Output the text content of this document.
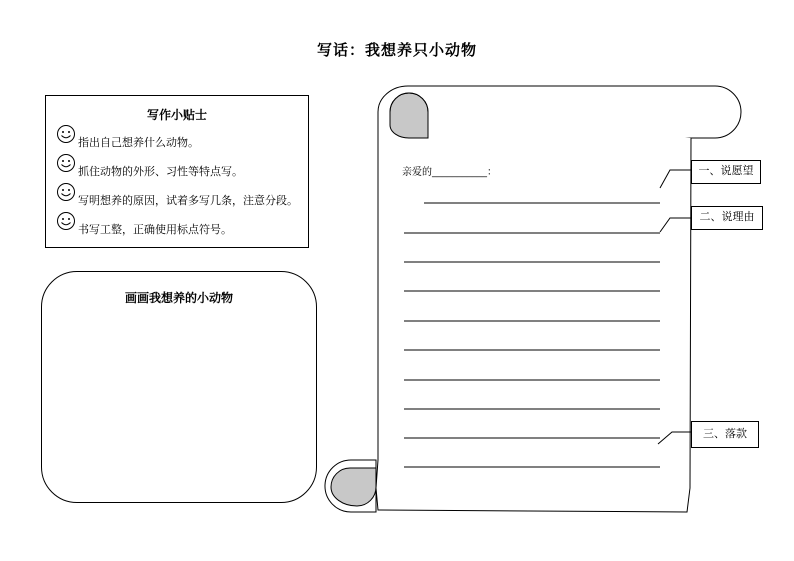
写话：我想养只小动物
写作小贴士
指出自己想养什么动物。
抓住动物的外形、习性等特点写。
写明想养的原因，试着多写几条，注意分段。
书写工整，正确使用标点符号。
画画我想养的小动物
亲爱的___________：	一、说愿望
二、说理由
三、落款
